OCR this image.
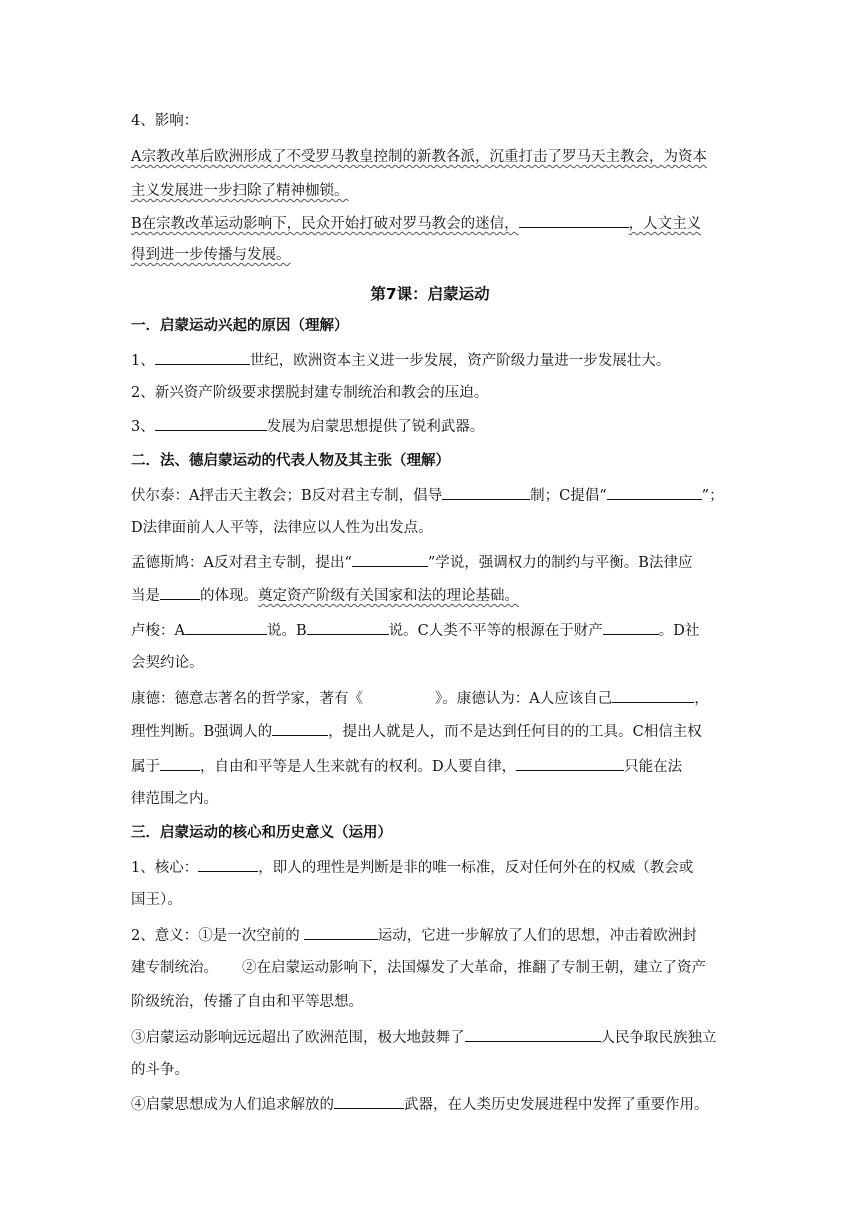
4、影响：
A宗教改革后欧洲形成了不受罗马教皇控制的新教各派，沉重打击了罗马天主教会，为资本
主义发展进一步扫除了精神枷锁。
B在宗教改革运动影响下，民众开始打破对罗马教会的迷信，	，人文主义
得到进一步传播与发展。
第7课：启蒙运动
一．启蒙运动兴起的原因（理解）
1、	世纪，欧洲资本主义进一步发展，资产阶级力量进一步发展壮大。
2、新兴资产阶级要求摆脱封建专制统治和教会的压迫。
3、	发展为启蒙思想提供了锐利武器。
二．法、德启蒙运动的代表人物及其主张（理解）
伏尔泰：A抨击天主教会；B反对君主专制，倡导	制；C提倡“	”；
D法律面前人人平等，法律应以人性为出发点。
孟德斯鸠：A反对君主专制，提出“	”学说，强调权力的制约与平衡。B法律应
当是	的体现。奠定资产阶级有关国家和法的理论基础。
卢梭：A	说。B	说。C人类不平等的根源在于财产	。D社
会契约论。
康德：德意志著名的哲学家，著有《	》。康德认为：A人应该自己	，
理性判断。B强调人的	，提出人就是人，而不是达到任何目的的工具。C相信主权
属于	，自由和平等是人生来就有的权利。D人要自律，	只能在法
律范围之内。
三．启蒙运动的核心和历史意义（运用）
1、核心：	，即人的理性是判断是非的唯一标准，反对任何外在的权威（教会或
国王）。
2、意义：①是一次空前的	运动，它进一步解放了人们的思想，冲击着欧洲封
建专制统治。 ②在启蒙运动影响下，法国爆发了大革命，推翻了专制王朝，建立了资产
阶级统治，传播了自由和平等思想。
③启蒙运动影响远远超出了欧洲范围，极大地鼓舞了	人民争取民族独立
的斗争。
④启蒙思想成为人们追求解放的	武器，在人类历史发展进程中发挥了重要作用。
